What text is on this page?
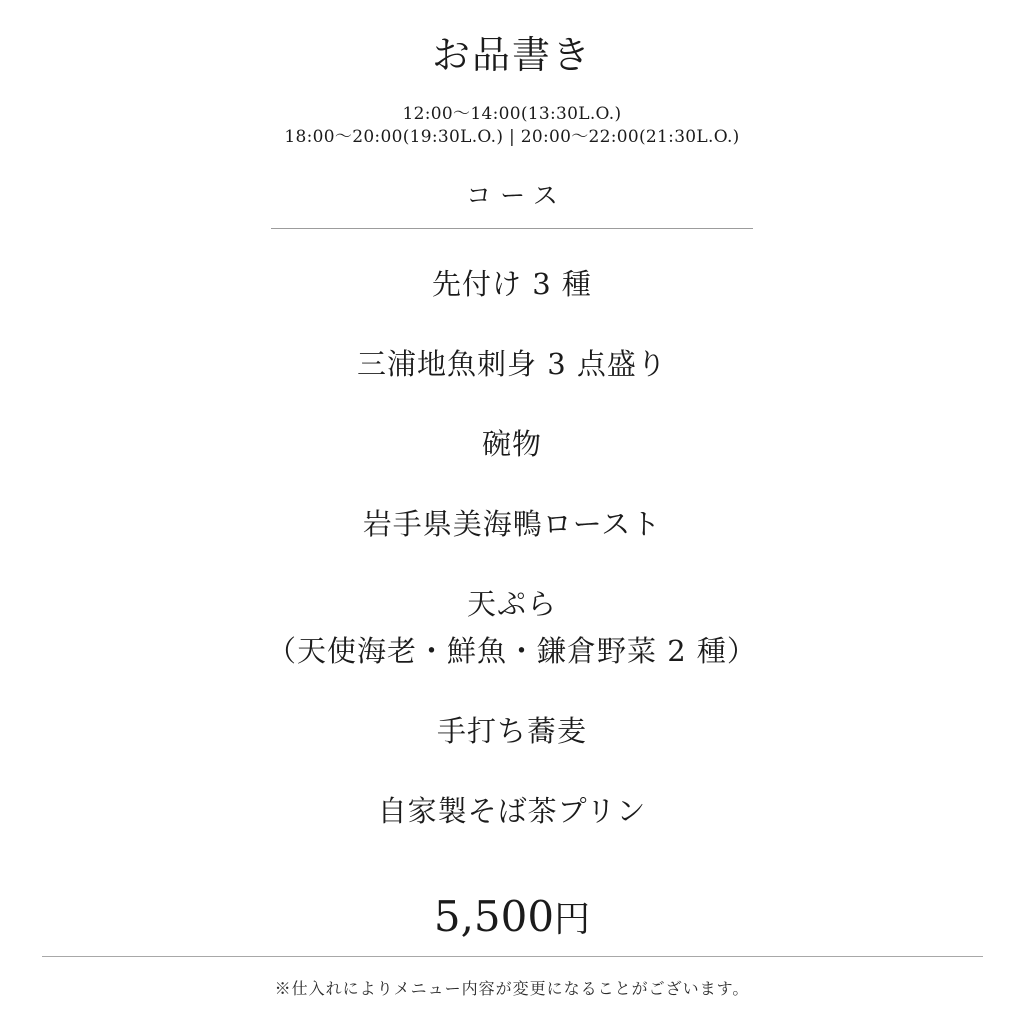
お品書き
12:00～14:00(13:30L.O.)
18:00～20:00(19:30L.O.) | 20:00～22:00(21:30L.O.)
コース
先付け 3 種
三浦地魚刺身 3 点盛り
碗物
岩手県美海鴨ロースト
天ぷら
（天使海老・鮮魚・鎌倉野菜 2 種）
手打ち蕎麦
自家製そば茶プリン
5,500円

※仕入れによりメニュー内容が変更になることがございます。
